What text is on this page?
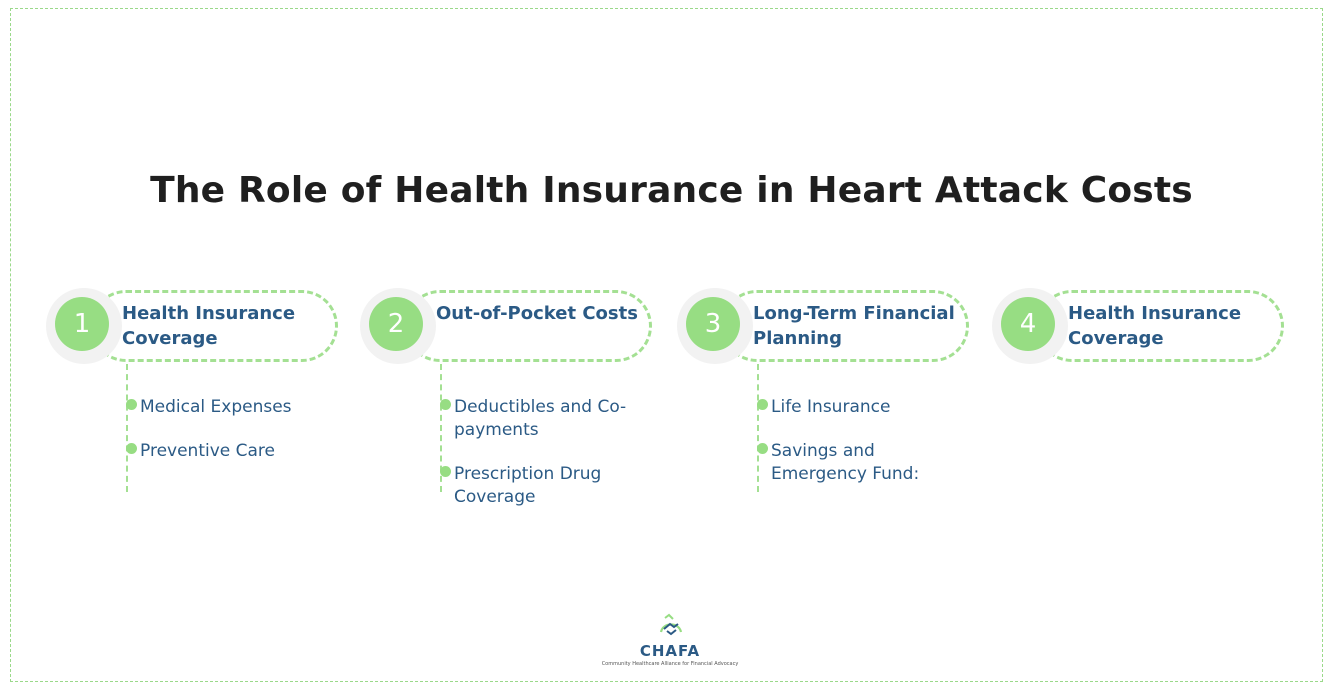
The Role of Health Insurance in Heart Attack Costs
1	Health Insurance Coverage
Medical Expenses
Preventive Care
2	Out-of-Pocket Costs
Deductibles and Co-payments
Prescription Drug Coverage
3	Long-Term Financial Planning
Life Insurance
Savings and Emergency Fund:
4	Health Insurance Coverage
CHAFA
Community Healthcare Alliance for Financial Advocacy
